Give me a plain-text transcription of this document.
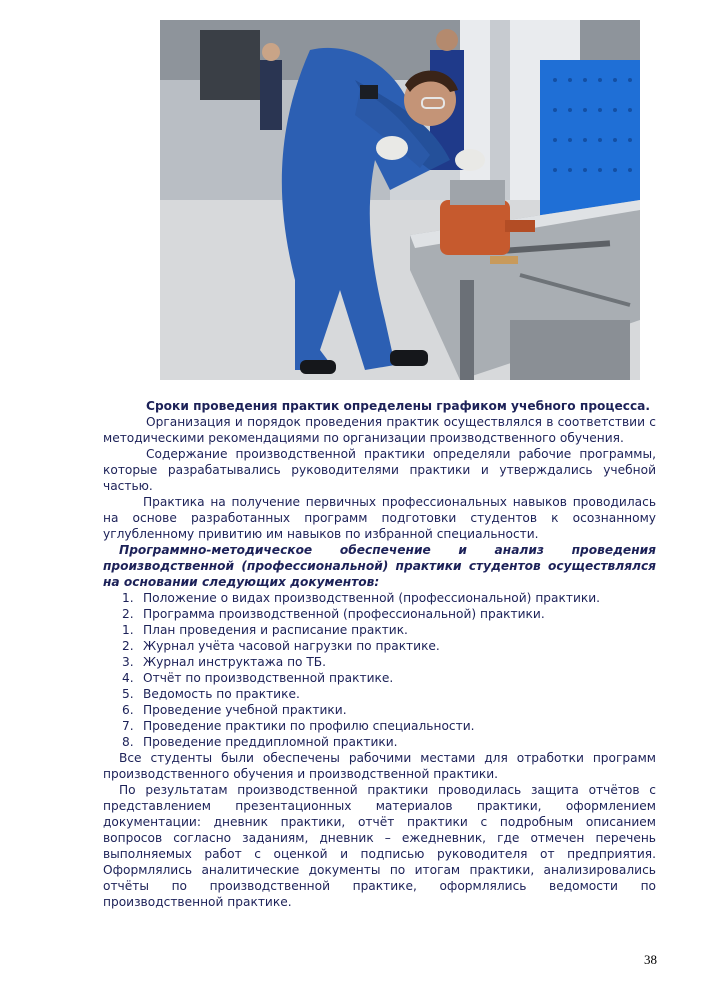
Сроки проведения практик определены графиком учебного процесса.

Организация и порядок проведения практик осуществлялся в соответствии с методическими рекомендациями по организации производственного обучения.

Содержание производственной практики определяли рабочие программы, которые разрабатывались руководителями практики и утверждались учебной частью.

Практика на получение первичных профессиональных навыков проводилась на основе разработанных программ подготовки студентов к осознанному углубленному привитию им навыков по избранной специальности.

Программно-методическое обеспечение и анализ проведения производственной (профессиональной) практики студентов осуществлялся на основании следующих документов:

1. Положение о видах производственной (профессиональной) практики.
2. Программа производственной (профессиональной) практики.
1. План проведения и расписание практик.
2. Журнал учёта часовой нагрузки по практике.
3. Журнал инструктажа по ТБ.
4. Отчёт по производственной практике.
5. Ведомость по практике.
6. Проведение учебной практики.
7. Проведение практики по профилю специальности.
8. Проведение преддипломной практики.

Все студенты были обеспечены рабочими местами для отработки программ производственного обучения и производственной практики.

По результатам производственной практики проводилась защита отчётов с представлением презентационных материалов практики, оформлением документации: дневник практики, отчёт практики с подробным описанием вопросов согласно заданиям, дневник – ежедневник, где отмечен перечень выполняемых работ с оценкой и подписью руководителя от предприятия. Оформлялись аналитические документы по итогам практики, анализировались отчёты по производственной практике, оформлялись ведомости по производственной практике.

38
